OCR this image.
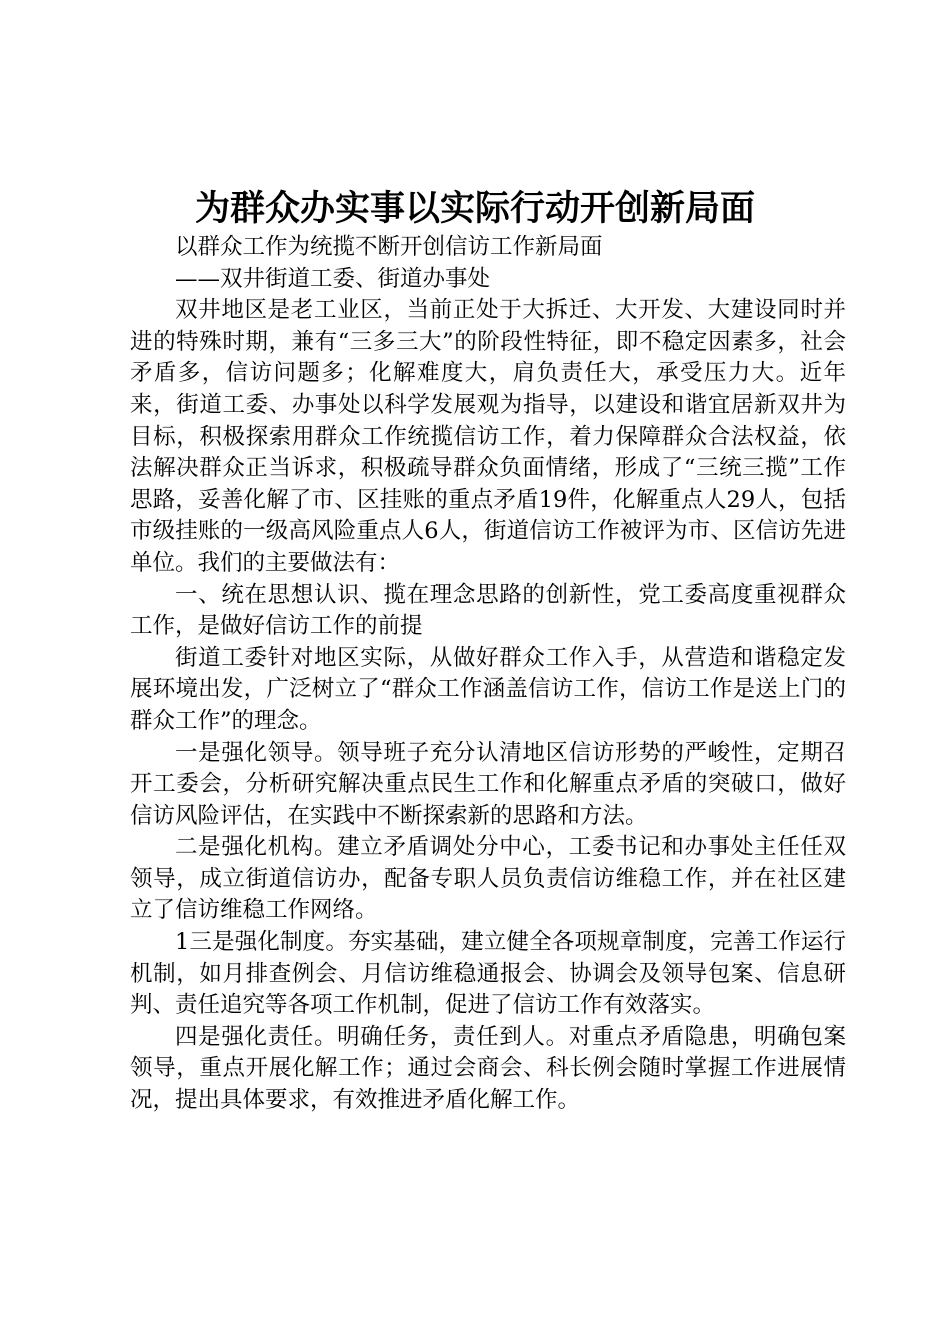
为群众办实事以实际行动开创新局面

以群众工作为统揽不断开创信访工作新局面

——双井街道工委、街道办事处

双井地区是老工业区，当前正处于大拆迁、大开发、大建设同时并进的特殊时期，兼有“三多三大”的阶段性特征，即不稳定因素多，社会矛盾多，信访问题多；化解难度大，肩负责任大，承受压力大。近年来，街道工委、办事处以科学发展观为指导，以建设和谐宜居新双井为目标，积极探索用群众工作统揽信访工作，着力保障群众合法权益，依法解决群众正当诉求，积极疏导群众负面情绪，形成了“三统三揽”工作思路，妥善化解了市、区挂账的重点矛盾19件，化解重点人29人，包括市级挂账的一级高风险重点人6人，街道信访工作被评为市、区信访先进单位。我们的主要做法有：

一、统在思想认识、揽在理念思路的创新性，党工委高度重视群众工作，是做好信访工作的前提

街道工委针对地区实际，从做好群众工作入手，从营造和谐稳定发展环境出发，广泛树立了“群众工作涵盖信访工作，信访工作是送上门的群众工作”的理念。

一是强化领导。领导班子充分认清地区信访形势的严峻性，定期召开工委会，分析研究解决重点民生工作和化解重点矛盾的突破口，做好信访风险评估，在实践中不断探索新的思路和方法。

二是强化机构。建立矛盾调处分中心，工委书记和办事处主任任双领导，成立街道信访办，配备专职人员负责信访维稳工作，并在社区建立了信访维稳工作网络。

1三是强化制度。夯实基础，建立健全各项规章制度，完善工作运行机制，如月排查例会、月信访维稳通报会、协调会及领导包案、信息研判、责任追究等各项工作机制，促进了信访工作有效落实。

四是强化责任。明确任务，责任到人。对重点矛盾隐患，明确包案领导，重点开展化解工作；通过会商会、科长例会随时掌握工作进展情况，提出具体要求，有效推进矛盾化解工作。
